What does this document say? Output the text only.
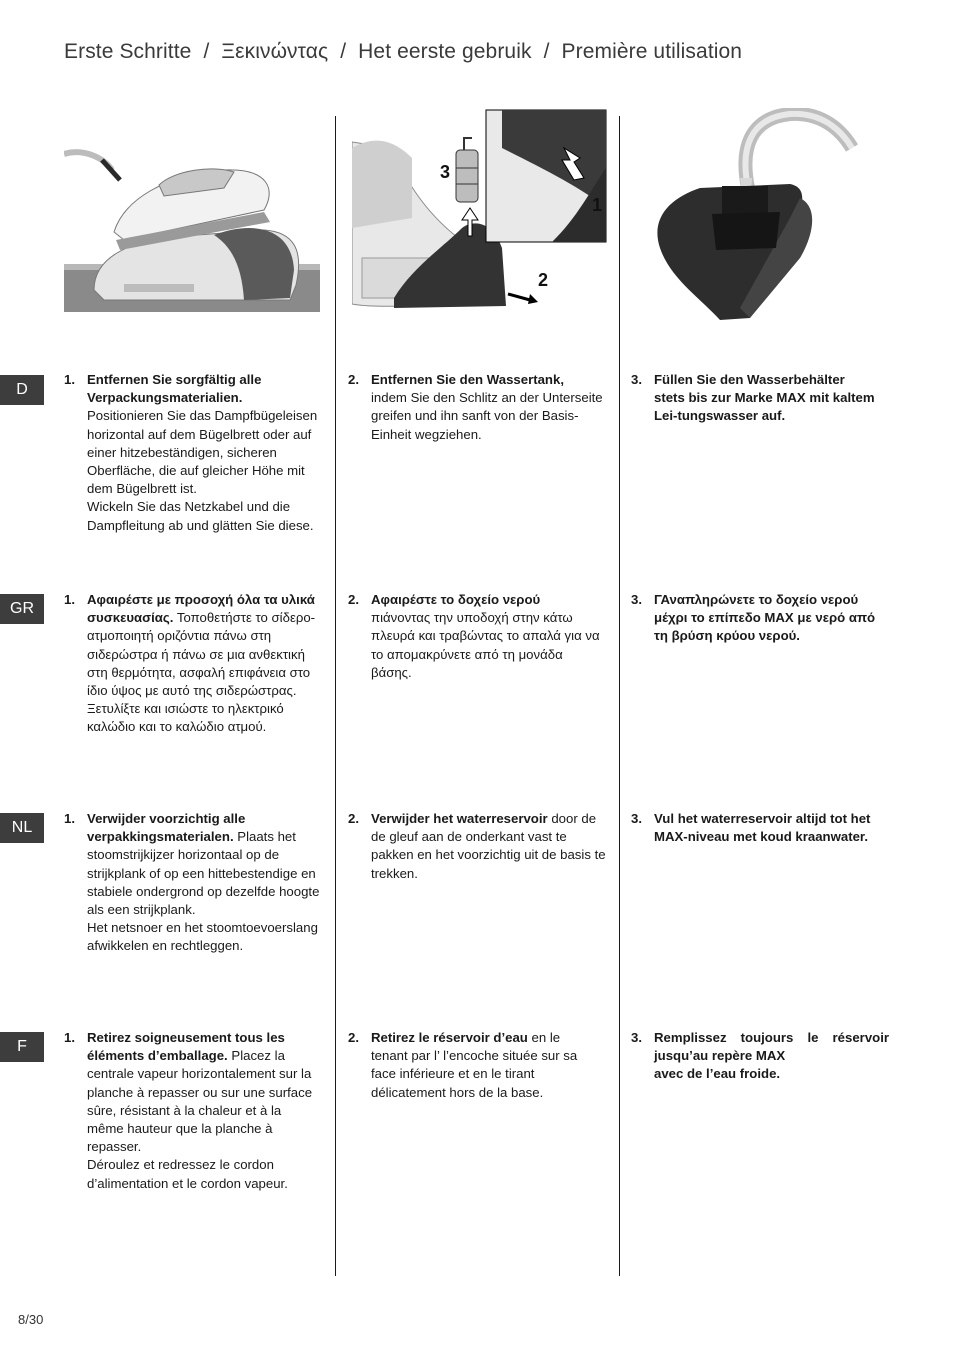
Erste Schritte / Ξεκινώντας / Het eerste gebruik / Première utilisation
3
1
2
D
GR
NL
F
1. Entfernen Sie sorgfältig alle Verpackungsmaterialien.
Positionieren Sie das Dampfbügeleisen horizontal auf dem Bügelbrett oder auf einer hitzebeständigen, sicheren Oberfläche, die auf gleicher Höhe mit dem Bügelbrett ist.
Wickeln Sie das Netzkabel und die Dampfleitung ab und glätten Sie diese.
2. Entfernen Sie den Wassertank,
indem Sie den Schlitz an der Unterseite greifen und ihn sanft von der Basis-Einheit wegziehen.
3. Füllen Sie den Wasserbehälter stets bis zur Marke MAX mit kaltem Lei-tungswasser auf.
1. Αφαιρέστε με προσοχή όλα τα υλικά συσκευασίας. Τοποθετήστε το σίδερο-ατμοποιητή οριζόντια πάνω στη σιδερώστρα ή πάνω σε μια ανθεκτική στη θερμότητα, ασφαλή επιφάνεια στο ίδιο ύψος με αυτό της σιδερώστρας.
Ξετυλίξτε και ισιώστε το ηλεκτρικό καλώδιο και το καλώδιο ατμού.
2. Αφαιρέστε το δοχείο νερού
πιάνοντας την υποδοχή στην κάτω πλευρά και τραβώντας το απαλά για να το απομακρύνετε από τη μονάδα βάσης.
3. ΓΑναπληρώνετε το δοχείο νερού μέχρι το επίπεδο MAX με νερό από τη βρύση κρύου νερού.
1. Verwijder voorzichtig alle verpakkingsmaterialen. Plaats het stoomstrijkijzer horizontaal op de strijkplank of op een hittebestendige en stabiele ondergrond op dezelfde hoogte als een strijkplank.
Het netsnoer en het stoomtoevoerslang afwikkelen en rechtleggen.
2. Verwijder het waterreservoir door de de gleuf aan de onderkant vast te pakken en het voorzichtig uit de basis te trekken.
3. Vul het waterreservoir altijd tot het MAX-niveau met koud kraanwater.
1. Retirez soigneusement tous les éléments d’emballage. Placez la centrale vapeur horizontalement sur la planche à repasser ou sur une surface sûre, résistant à la chaleur et à la même hauteur que la planche à repasser.
Déroulez et redressez le cordon d’alimentation et le cordon vapeur.
2. Retirez le réservoir d’eau en le tenant par l’ l’encoche située sur sa face inférieure et en le tirant délicatement hors de la base.
3. Remplissez toujours le réservoir jusqu’au repère MAX
avec de l’eau froide.
8/30
